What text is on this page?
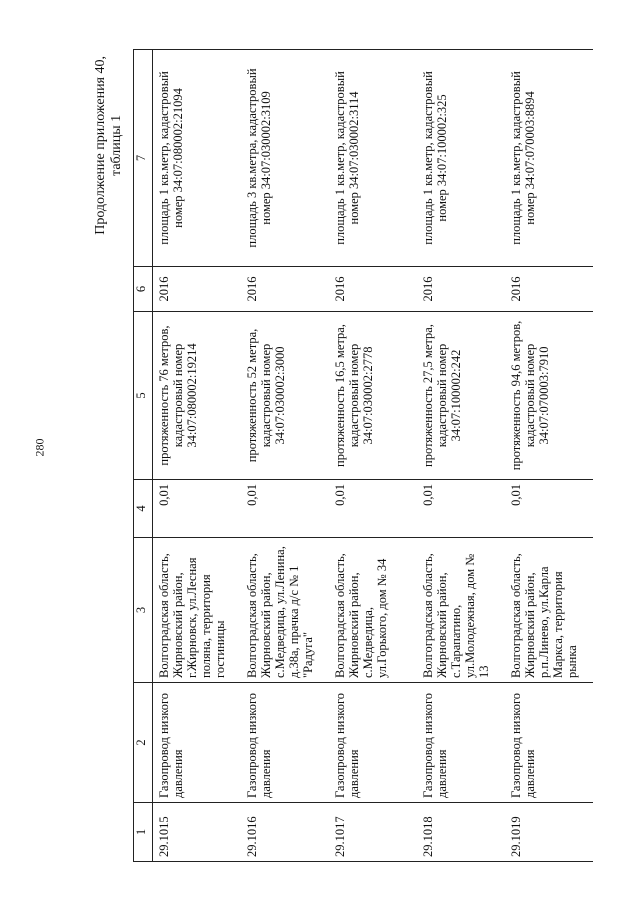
280
Продолжение приложения 40, таблицы 1
1	2	3	4	5	6	7
29.1015	Газопровод низкого давления	Волгоградская область, Жирновский район, г.Жирновск, ул.Лесная поляна, территория гостиницы	0,01	протяженность 76 метров, кадастровый номер 34:07:080002:19214	2016	площадь 1 кв.метр, кадастровый номер 34:07:080002:21094
29.1016	Газопровод низкого давления	Волгоградская область, Жирновский район, с.Медведица, ул.Ленина, д.38а, прачка д/с № 1 "Радуга"	0,01	протяженность 52 метра, кадастровый номер 34:07:030002:3000	2016	площадь 3 кв.метра, кадастровый номер 34:07:030002:3109
29.1017	Газопровод низкого давления	Волгоградская область, Жирновский район, с.Медведица, ул.Горького, дом № 34	0,01	протяженность 16,5 метра, кадастровый номер 34:07:030002:2778	2016	площадь 1 кв.метр, кадастровый номер 34:07:030002:3114
29.1018	Газопровод низкого давления	Волгоградская область, Жирновский район, с.Тарапатино, ул.Молодежная, дом № 13	0,01	протяженность 27,5 метра, кадастровый номер 34:07:100002:242	2016	площадь 1 кв.метр, кадастровый номер 34:07:100002:325
29.1019	Газопровод низкого давления	Волгоградская область, Жирновский район, р.п.Линево, ул.Карла Маркса, территория рынка	0,01	протяженность 94,6 метров, кадастровый номер 34:07:070003:7910	2016	площадь 1 кв.метр, кадастровый номер 34:07:070003:8894
